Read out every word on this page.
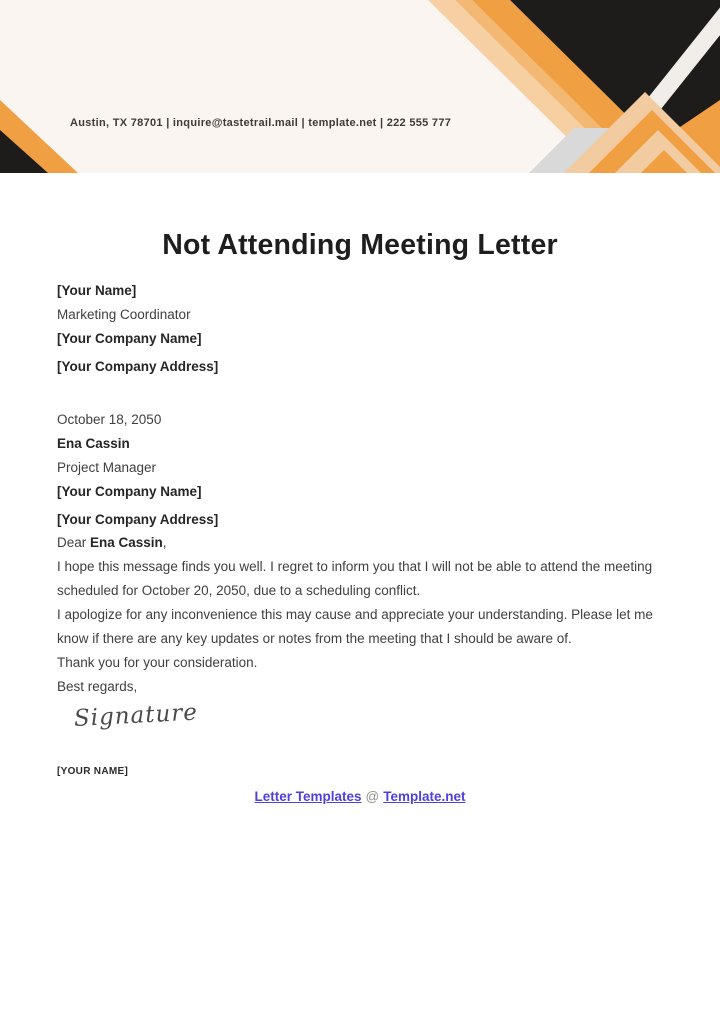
Austin, TX 78701 | inquire@tastetrail.mail | template.net | 222 555 777
Not Attending Meeting Letter
[Your Name]
Marketing Coordinator
[Your Company Name]
[Your Company Address]
October 18, 2050
Ena Cassin
Project Manager
[Your Company Name]
[Your Company Address]
Dear Ena Cassin,
I hope this message finds you well. I regret to inform you that I will not be able to attend the meeting scheduled for October 20, 2050, due to a scheduling conflict.
I apologize for any inconvenience this may cause and appreciate your understanding. Please let me know if there are any key updates or notes from the meeting that I should be aware of.
Thank you for your consideration.
Best regards,
Signature
[YOUR NAME]
Letter Templates @ Template.net
